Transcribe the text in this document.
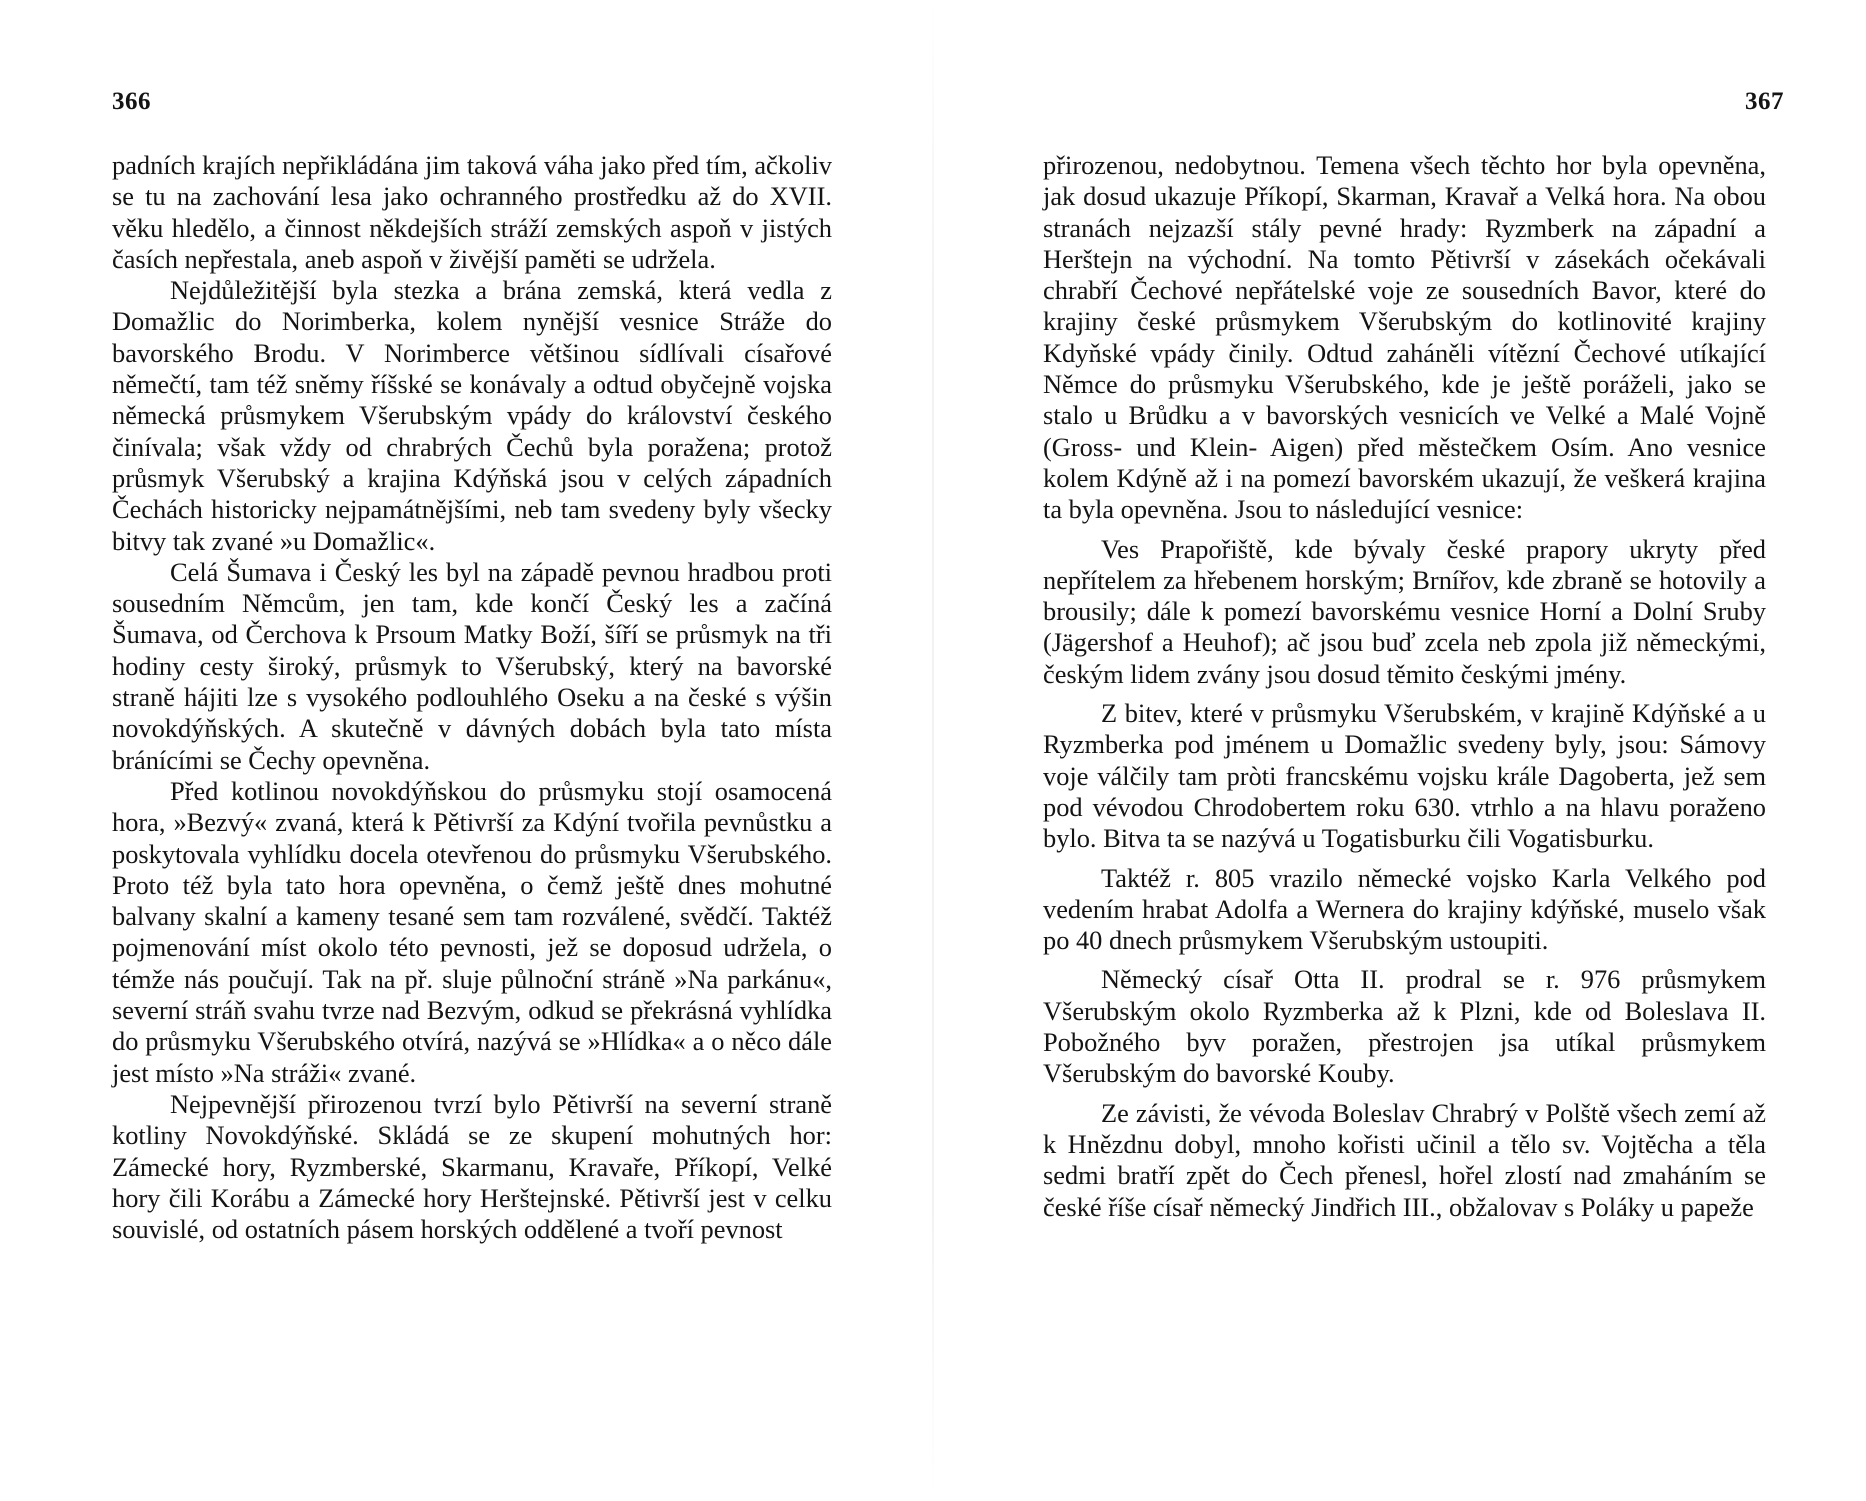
366

padních krajích nepřikládána jim taková váha jako před tím, ačkoliv se tu na zachování lesa jako ochranného prostředku až do XVII. věku hledělo, a činnost někdejších stráží zemských aspoň v jistých časích nepřestala, aneb aspoň v živější paměti se udržela.

Nejdůležitější byla stezka a brána zemská, která vedla z Domažlic do Norimberka, kolem nynější vesnice Stráže do bavorského Brodu. V Norimberce většinou sídlívali císařové němečtí, tam též sněmy říšské se konávaly a odtud obyčejně vojska německá průsmykem Všerubským vpády do království českého činívala; však vždy od chrabrých Čechů byla poražena; protož průsmyk Všerubský a krajina Kdýňská jsou v celých západních Čechách historicky nejpamátnějšími, neb tam svedeny byly všecky bitvy tak zvané »u Domažlic«.

Celá Šumava i Český les byl na západě pevnou hradbou proti sousedním Němcům, jen tam, kde končí Český les a začíná Šumava, od Čerchova k Prsoum Matky Boží, šíří se průsmyk na tři hodiny cesty široký, průsmyk to Všerubský, který na bavorské straně hájiti lze s vysokého podlouhlého Oseku a na české s výšin novokdýňských. A skutečně v dávných dobách byla tato místa bránícími se Čechy opevněna.

Před kotlinou novokdýňskou do průsmyku stojí osamocená hora, »Bezvý« zvaná, která k Pětivrší za Kdýní tvořila pevnůstku a poskytovala vyhlídku docela otevřenou do průsmyku Všerubského. Proto též byla tato hora opevněna, o čemž ještě dnes mohutné balvany skalní a kameny tesané sem tam rozválené, svědčí. Taktéž pojmenování míst okolo této pevnosti, jež se doposud udržela, o témže nás poučují. Tak na př. sluje půlnoční stráně »Na parkánu«, severní stráň svahu tvrze nad Bezvým, odkud se překrásná vyhlídka do průsmyku Všerubského otvírá, nazývá se »Hlídka« a o něco dále jest místo »Na stráži« zvané.

Nejpevnější přirozenou tvrzí bylo Pětivrší na severní straně kotliny Novokdýňské. Skládá se ze skupení mohutných hor: Zámecké hory, Ryzmberské, Skarmanu, Kravaře, Příkopí, Velké hory čili Korábu a Zámecké hory Herštejnské. Pětivrší jest v celku souvislé, od ostatních pásem horských oddělené a tvoří pevnost

367

přirozenou, nedobytnou. Temena všech těchto hor byla opevněna, jak dosud ukazuje Příkopí, Skarman, Kravař a Velká hora. Na obou stranách nejzazší stály pevné hrady: Ryzmberk na západní a Herštejn na východní. Na tomto Pětivrší v zásekách očekávali chrabří Čechové nepřátelské voje ze sousedních Bavor, které do krajiny české průsmykem Všerubským do kotlinovité krajiny Kdyňské vpády činily. Odtud zaháněli vítězní Čechové utíkající Němce do průsmyku Všerubského, kde je ještě poráželi, jako se stalo u Brůdku a v bavorských vesnicích ve Velké a Malé Vojně (Gross- und Klein- Aigen) před městečkem Osím. Ano vesnice kolem Kdýně až i na pomezí bavorském ukazují, že veškerá krajina ta byla opevněna. Jsou to následující vesnice:

Ves Prapořiště, kde bývaly české prapory ukryty před nepřítelem za hřebenem horským; Brnířov, kde zbraně se hotovily a brousily; dále k pomezí bavorskému vesnice Horní a Dolní Sruby (Jägershof a Heuhof); ač jsou buď zcela neb zpola již německými, českým lidem zvány jsou dosud těmito českými jmény.

Z bitev, které v průsmyku Všerubském, v krajině Kdýňské a u Ryzmberka pod jménem u Domažlic svedeny byly, jsou: Sámovy voje válčily tam pròti francskému vojsku krále Dagoberta, jež sem pod vévodou Chrodobertem roku 630. vtrhlo a na hlavu poraženo bylo. Bitva ta se nazývá u Togatisburku čili Vogatisburku.

Taktéž r. 805 vrazilo německé vojsko Karla Velkého pod vedením hrabat Adolfa a Wernera do krajiny kdýňské, muselo však po 40 dnech průsmykem Všerubským ustoupiti.

Německý císař Otta II. prodral se r. 976 průsmykem Všerubským okolo Ryzmberka až k Plzni, kde od Boleslava II. Pobožného byv poražen, přestrojen jsa utíkal průsmykem Všerubským do bavorské Kouby.

Ze závisti, že vévoda Boleslav Chrabrý v Polště všech zemí až k Hnězdnu dobyl, mnoho kořisti učinil a tělo sv. Vojtěcha a těla sedmi bratří zpět do Čech přenesl, hořel zlostí nad zmaháním se české říše císař německý Jindřich III., obžalovav s Poláky u papeže
